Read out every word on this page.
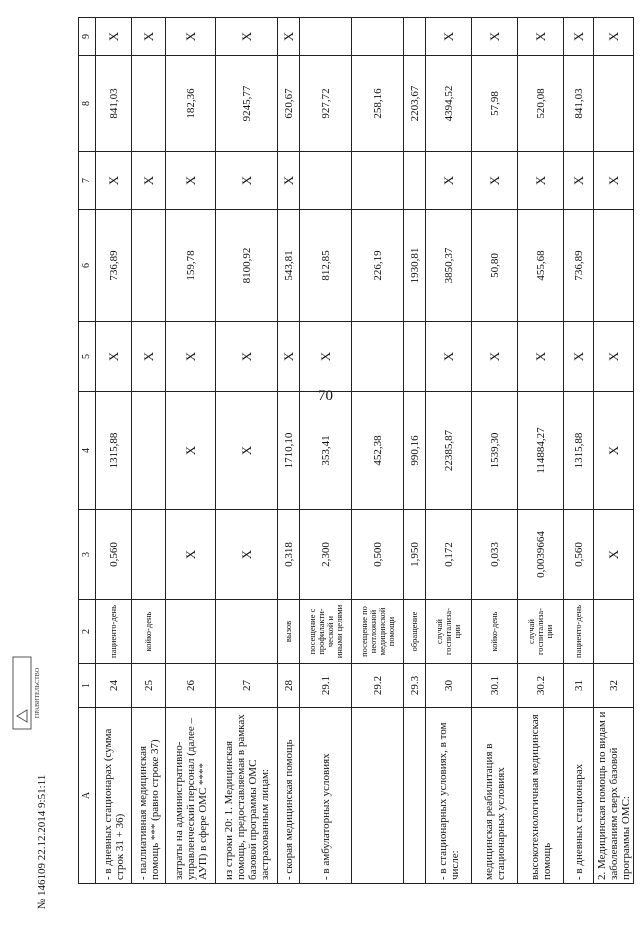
70
ПРАВИТЕЛЬСТВО
№ 146109 22.12.2014 9:51:11	А	1	2	3	4	5	6	7	8	9
- в дневных стационарах (сумма строк 31 + 36)	24	пациенто-день	0,560	1315,88	Х	736,89	Х	841,03	Х
- паллиативная медицинская помощь *** (равно строке 37)	25	койко-день			Х		Х		Х
затраты на административно-управленческий персонал (далее – АУП) в сфере ОМС ****	26		Х	Х	Х	159,78	Х	182,36	Х
из строки 20: 1. Медицинская помощь, предоставляемая в рамках базовой программы ОМС застрахованным лицам:	27		Х	Х	Х	8100,92	Х	9245,77	Х
- скорая медицинская помощь	28	вызов	0,318	1710,10	Х	543,81	Х	620,67	Х
- в амбулаторных условиях	29.1	посещение с профилакти-ческой и иными целями	2,300	353,41	Х	812,85		927,72	
	29.2	посещение по неотложной медицинской помощи	0,500	452,38		226,19		258,16	
	29.3	обращение	1,950	990,16		1930,81		2203,67	
- в стационарных условиях, в том числе:	30	случай госпитализа-ции	0,172	22385,87	Х	3850,37	Х	4394,52	Х
медицинская реабилитация в стационарных условиях	30.1	койко-день	0,033	1539,30	Х	50,80	Х	57,98	Х
высокотехнологичная медицинская помощь	30.2	случай госпитализа-ции	0,0039664	114884,27	Х	455,68	Х	520,08	Х
- в дневных стационарах	31	пациенто-день	0,560	1315,88	Х	736,89	Х	841,03	Х
2. Медицинская помощь по видам и заболеваниям сверх базовой программы ОМС:	32		Х	Х	Х		Х		Х
